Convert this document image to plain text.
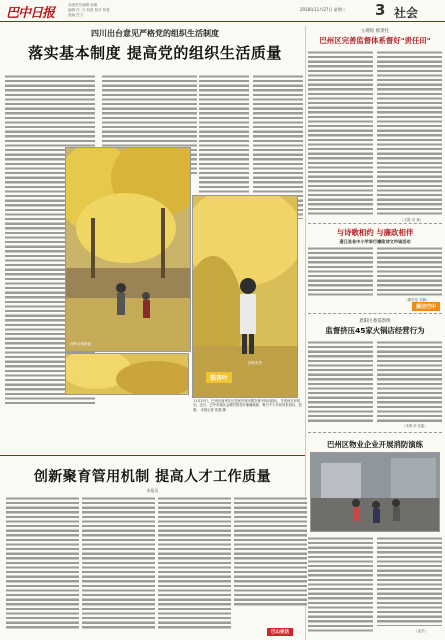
巴中日报
本版责任编辑 周珊
编辑 任 ·文 何凯 校对 杨春
美编 任力
2018年11月27日 星期二 3 社会
四川出台意见严格党的组织生活制度
落实基本制度 提高党的组织生活质量
深秋诗情画意
深秋美景
银杏叶
11月25日，巴州区南坪社区居民在城市银杏林中休闲游玩，享受秋日好时光。近日，巴中市城区金黄的银杏叶铺满地面，吸引不少市民前来游玩、拍照。 本报记者 张磊 摄
创新聚育管用机制 提高人才工作质量
本报讯
巴山夜话
立规矩 抓责任
巴州区完善监督体系督好"责任田"
（王霞 吴 林）
与诗歌相约 与廉政相伴
通江县各中小学举行廉政诗文吟诵活动
（谭杰伦 刘静）
廉洁巴中
恩阳区委巡察组
监督挤压45家火锅店经营行为
（本报 叶灵霜）
巴州区物业企业开展消防演练
（金杰）
